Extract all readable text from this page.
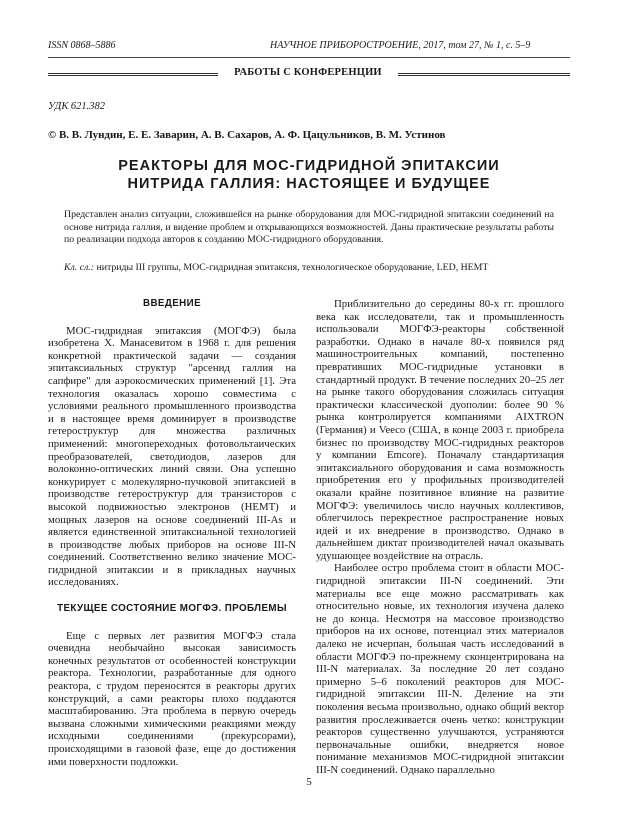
ISSN 0868–5886	НАУЧНОЕ ПРИБОРОСТРОЕНИЕ, 2017, том 27, № 1, c. 5–9
РАБОТЫ С КОНФЕРЕНЦИИ
УДК 621.382
© В. В. Лундин, Е. Е. Заварин, А. В. Сахаров, А. Ф. Цацульников, В. М. Устинов
РЕАКТОРЫ ДЛЯ МОС-ГИДРИДНОЙ ЭПИТАКСИИ
НИТРИДА ГАЛЛИЯ: НАСТОЯЩЕЕ И БУДУЩЕЕ
Представлен анализ ситуации, сложившейся на рынке оборудования для МОС-гидридной эпитаксии соединений на основе нитрида галлия, и видение проблем и открывающихся возможностей. Даны практические результаты работы по реализации подхода авторов к созданию МОС-гидридного оборудования.
Кл. сл.: нитриды III группы, МОС-гидридная эпитаксия, технологическое оборудование, LED, HEMT
ВВЕДЕНИЕ

МОС-гидридная эпитаксия (МОГФЭ) была изобретена Х. Манасевитом в 1968 г. для решения конкретной практической задачи — создания эпитаксиальных структур "арсенид галлия на сапфире" для аэрокосмических применений [1]. Эта технология оказалась хорошо совместима с условиями реального промышленного производства и в настоящее время доминирует в производстве гетероструктур для множества различных применений: многопереходных фотовольтаических преобразователей, светодиодов, лазеров для волоконно-оптических линий связи. Она успешно конкурирует с молекулярно-пучковой эпитаксией в производстве гетероструктур для транзисторов с высокой подвижностью электронов (HEMT) и мощных лазеров на основе соединений III-As и является единственной эпитаксиальной технологией в производстве любых приборов на основе III-N соединений. Соответственно велико значение МОС-гидридной эпитаксии и в прикладных научных исследованиях.

ТЕКУЩЕЕ СОСТОЯНИЕ МОГФЭ. ПРОБЛЕМЫ

Еще с первых лет развития МОГФЭ стала очевидна необычайно высокая зависимость конечных результатов от особенностей конструкции реактора. Технологии, разработанные для одного реактора, с трудом переносятся в реакторы других конструкций, а сами реакторы плохо поддаются масштабированию. Эта проблема в первую очередь вызвана сложными химическими реакциями между исходными соединениями (прекурсорами), происходящими в газовой фазе, еще до достижения ими поверхности подложки.

Приблизительно до середины 80-х гг. прошлого века как исследователи, так и промышленность использовали МОГФЭ-реакторы собственной разработки. Однако в начале 80-х появился ряд машиностроительных компаний, постепенно превративших МОС-гидридные установки в стандартный продукт. В течение последних 20–25 лет на рынке такого оборудования сложилась ситуация практически классической дуополии: более 90 % рынка контролируется компаниями AIXTRON (Германия) и Veeco (США, в конце 2003 г. приобрела бизнес по производству МОС-гидридных реакторов у компании Emcore). Поначалу стандартизация эпитаксиального оборудования и сама возможность приобретения его у профильных производителей оказали крайне позитивное влияние на развитие МОГФЭ: увеличилось число научных коллективов, облегчилось перекрестное распространение новых идей и их внедрение в производство. Однако в дальнейшем диктат производителей начал оказывать удушающее воздействие на отрасль.

Наиболее остро проблема стоит в области МОС-гидридной эпитаксии III-N соединений. Эти материалы все еще можно рассматривать как относительно новые, их технология изучена далеко не до конца. Несмотря на массовое производство приборов на их основе, потенциал этих материалов далеко не исчерпан, большая часть исследований в области МОГФЭ по-прежнему сконцентрирована на III-N материалах. За последние 20 лет создано примерно 5–6 поколений реакторов для МОС-гидридной эпитаксии III-N. Деление на эти поколения весьма произвольно, однако общий вектор развития прослеживается очень четко: конструкции реакторов существенно улучшаются, устраняются первоначальные ошибки, внедряется новое понимание механизмов МОС-гидридной эпитаксии III-N соединений. Однако параллельно

5
